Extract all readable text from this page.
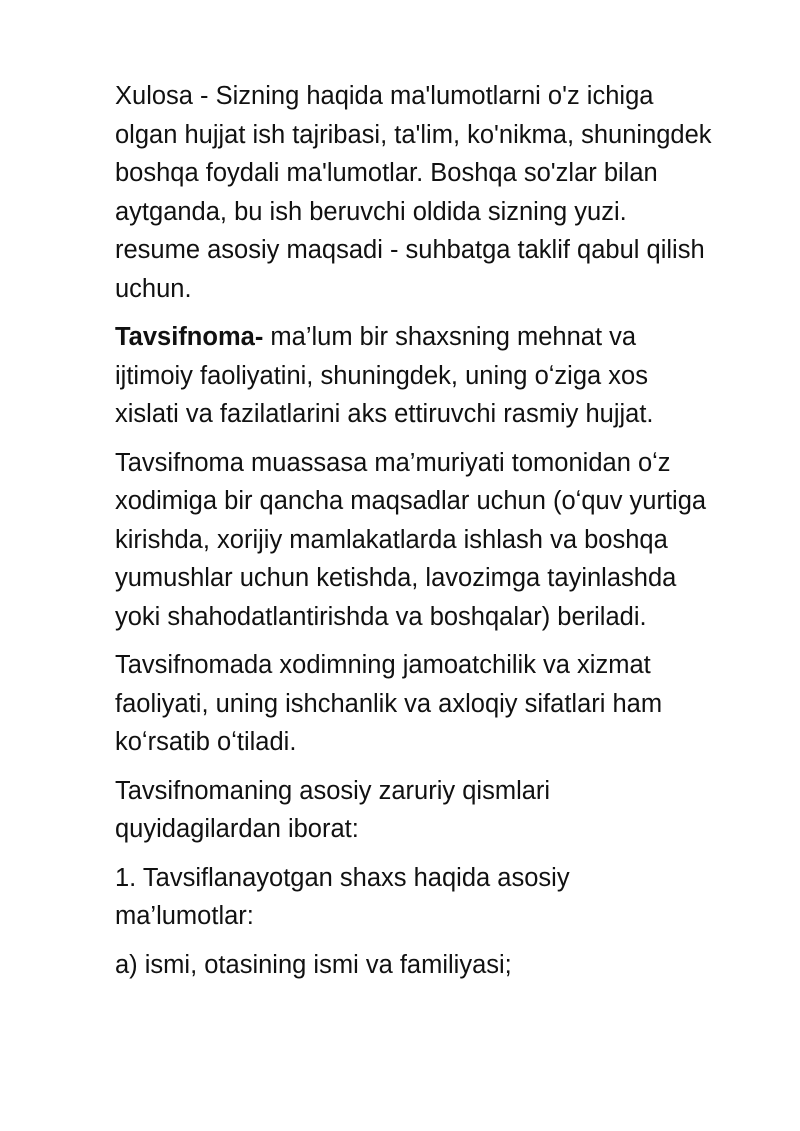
Xulosa - Sizning haqida ma'lumotlarni o'z ichiga olgan hujjat ish tajribasi, ta'lim, ko'nikma, shuningdek boshqa foydali ma'lumotlar. Boshqa so'zlar bilan aytganda, bu ish beruvchi oldida sizning yuzi. resume asosiy maqsadi - suhbatga taklif qabul qilish uchun.

Tavsifnoma- ma’lum bir shaxsning mehnat va ijtimoiy faoliyatini, shuningdek, uning oʻziga xos xislati va fazilatlarini aks ettiruvchi rasmiy hujjat.

Tavsifnoma muassasa ma’muriyati tomonidan oʻz xodimiga bir qancha maqsadlar uchun (oʻquv yurtiga kirishda, xorijiy mamlakatlarda ishlash va boshqa yumushlar uchun ketishda, lavozimga tayinlashda yoki shahodatlantirishda va boshqalar) beriladi.

Tavsifnomada xodimning jamoatchilik va xizmat faoliyati, uning ishchanlik va axloqiy sifatlari ham koʻrsatib oʻtiladi.

Tavsifnomaning asosiy zaruriy qismlari quyidagilardan iborat:

1. Tavsiflanayotgan shaxs haqida asosiy ma’lumotlar:

a) ismi, otasining ismi va familiyasi;
